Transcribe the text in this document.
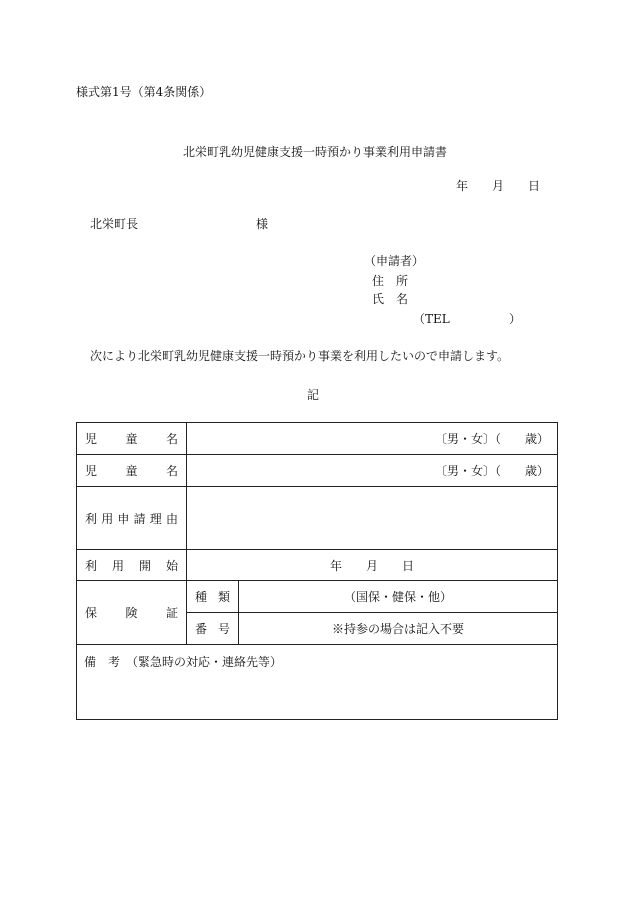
様式第1号（第4条関係）
北栄町乳幼児健康支援一時預かり事業利用申請書
年　　月　　日
北栄町長	様
（申請者）
住　所
氏　名
（TEL	）
次により北栄町乳幼児健康支援一時預かり事業を利用したいので申請します。
記
児　　童　　名	〔男・女〕（　　歳）	
児　　童　　名	〔男・女〕（　　歳）	
利用申請理由		
利用開始	年　　月　　日	
保険証	種類	（国保・健保・他）
	番号	※持参の場合は記入不要
備　考　（緊急時の対応・連絡先等）		
